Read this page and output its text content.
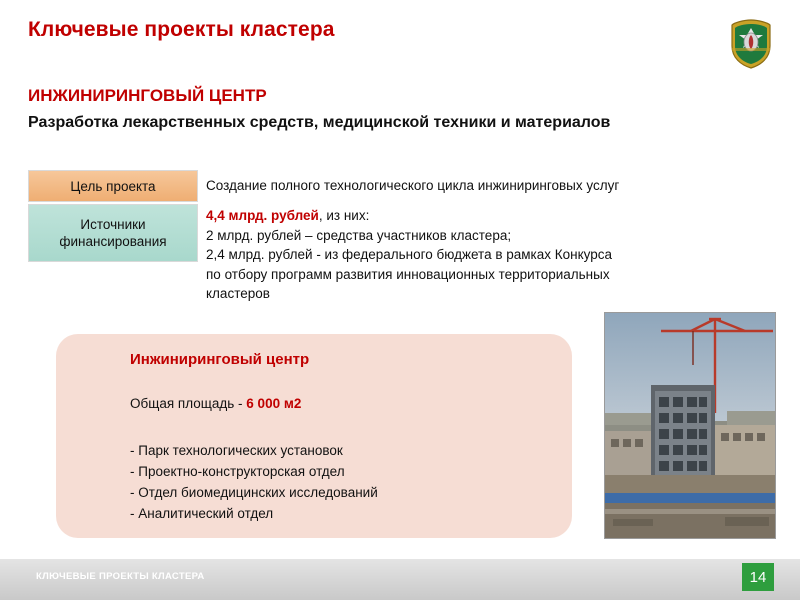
Ключевые проекты кластера
ИНЖИНИРИНГОВЫЙ ЦЕНТР
Разработка лекарственных средств, медицинской техники и материалов
Цель проекта	Создание полного технологического цикла инжиниринговых услуг
Источники
финансирования
4,4 млрд. рублей, из них:
2 млрд. рублей – средства участников кластера;
2,4 млрд. рублей - из федерального бюджета в рамках Конкурса
по отбору программ развития инновационных территориальных
кластеров
Инжиниринговый центр
Общая площадь - 6 000 м2
- Парк технологических установок
- Проектно-конструкторская отдел
- Отдел биомедицинских исследований
- Аналитический отдел
КЛЮЧЕВЫЕ ПРОЕКТЫ КЛАСТЕРА	14
